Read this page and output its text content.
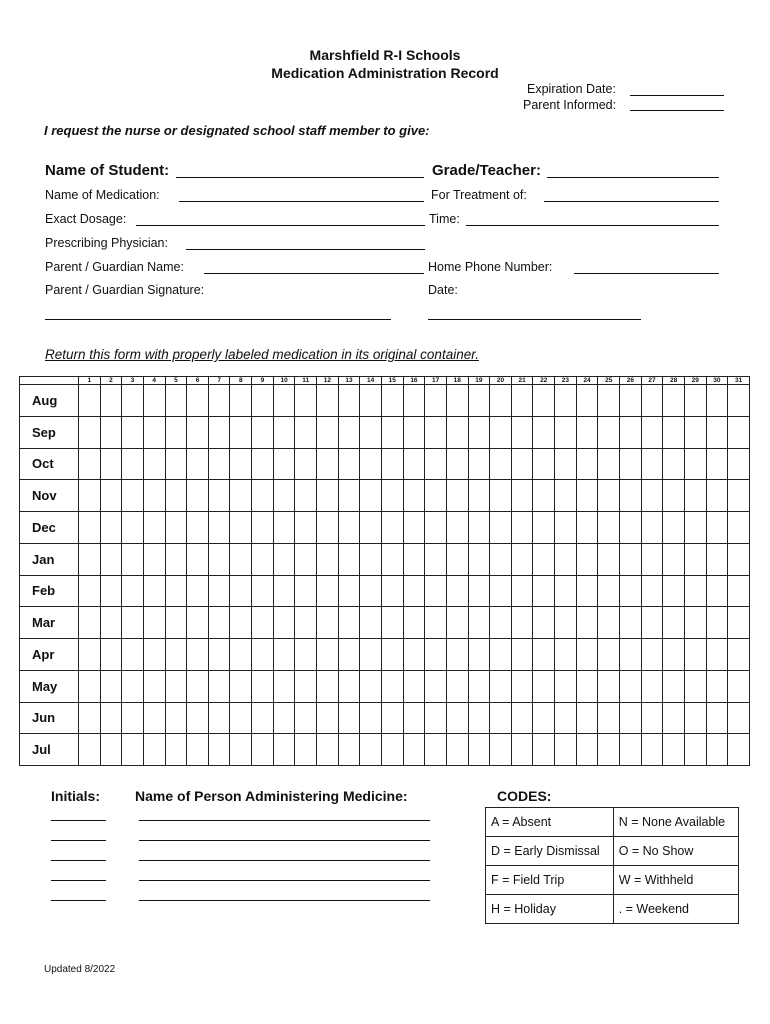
Marshfield R-I Schools
Medication Administration Record
Expiration Date:
Parent Informed:
I request the nurse or designated school staff member to give:
Name of Student:	Grade/Teacher:
Name of Medication:	For Treatment of:
Exact Dosage:	Time:
Prescribing Physician:
Parent / Guardian Name:	Home Phone Number:
Parent / Guardian Signature:	Date:
Return this form with properly labeled medication in its original container.
	1	2	3	4	5	6	7	8	9	10	11	12	13	14	15	16	17	18	19	20	21	22	23	24	25	26	27	28	29	30	31
Aug																															
Sep																															
Oct																															
Nov																															
Dec																															
Jan																															
Feb																															
Mar																															
Apr																															
May																															
Jun																															
Jul																															
Initials: Name of Person Administering Medicine:	CODES:
A = Absent	N = None Available
D = Early Dismissal	O = No Show
F = Field Trip	W = Withheld
H = Holiday	. = Weekend
Updated 8/2022
